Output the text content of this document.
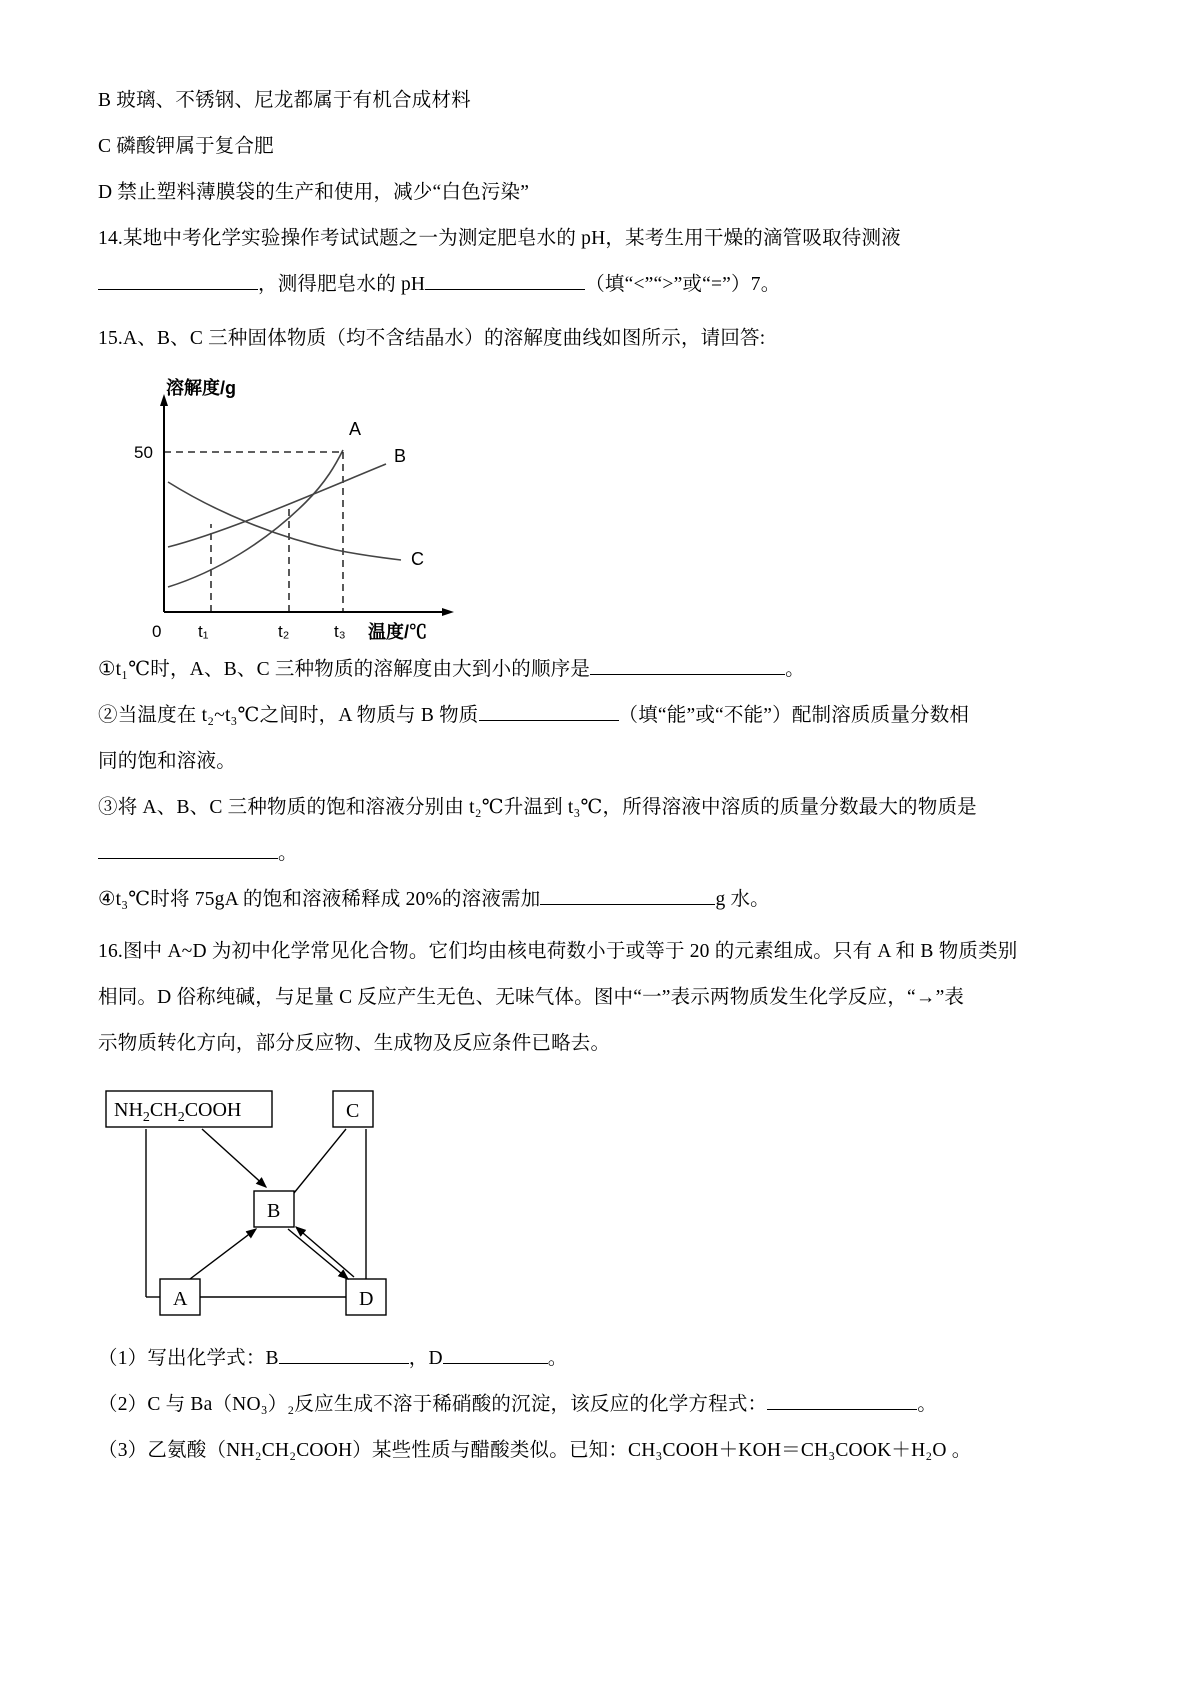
B 玻璃、不锈钢、尼龙都属于有机合成材料

C 磷酸钾属于复合肥

D 禁止塑料薄膜袋的生产和使用，减少“白色污染”

14.某地中考化学实验操作考试试题之一为测定肥皂水的 pH，某考生用干燥的滴管吸取待测液

，测得肥皂水的 pH	（填“<”“>”或“=”）7。

15.A、B、C 三种固体物质（均不含结晶水）的溶解度曲线如图所示，请回答:

溶解度/g
50
0 t₁	t₂	t₃ 温度/℃
A
B
C

①t₁℃时，A、B、C 三种物质的溶解度由大到小的顺序是	。

②当温度在 t₂~t₃℃之间时，A 物质与 B 物质	（填“能”或“不能”）配制溶质质量分数相

同的饱和溶液。

③将 A、B、C 三种物质的饱和溶液分别由 t₂℃升温到 t₃℃，所得溶液中溶质的质量分数最大的物质是

。

④t₃℃时将 75gA 的饱和溶液稀释成 20%的溶液需加	g 水。

16.图中 A~D 为初中化学常见化合物。它们均由核电荷数小于或等于 20 的元素组成。只有 A 和 B 物质类别

相同。D 俗称纯碱，与足量 C 反应产生无色、无味气体。图中“一”表示两物质发生化学反应，“→”表

示物质转化方向，部分反应物、生成物及反应条件已略去。

$NH_2CH_2COOH$	C
B
A	D

（1）写出化学式：B	，D	。

（2）C 与 Ba（NO₃）₂反应生成不溶于稀硝酸的沉淀，该反应的化学方程式：	。

（3）乙氨酸（NH₂CH₂COOH）某些性质与醋酸类似。已知：CH₃COOH＋KOH＝CH₃COOK＋H₂O 。
